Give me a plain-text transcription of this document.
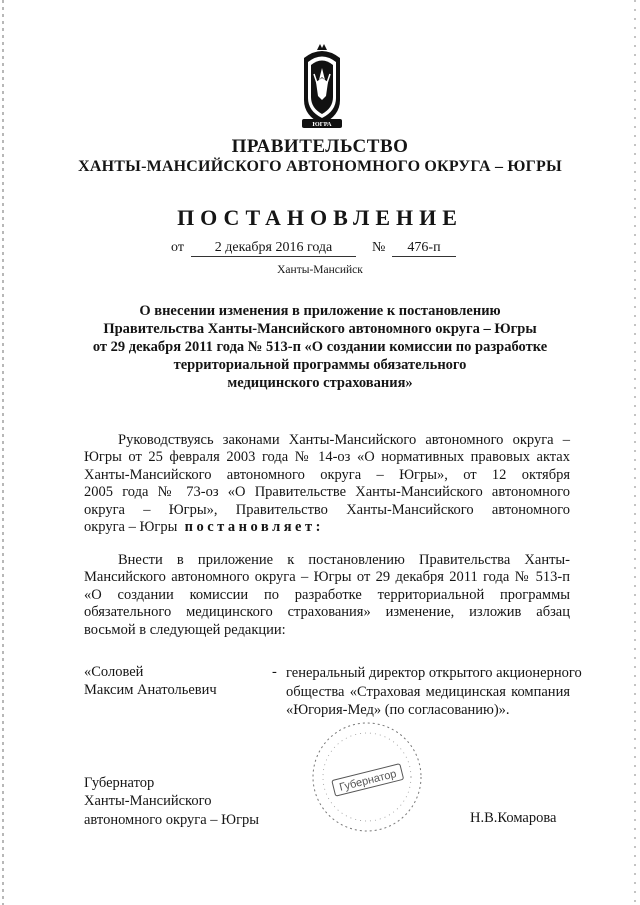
ЮГРА
ПРАВИТЕЛЬСТВО
ХАНТЫ-МАНСИЙСКОГО АВТОНОМНОГО ОКРУГА – ЮГРЫ
ПОСТАНОВЛЕНИЕ
от	2 декабря 2016 года	№	476-п
Ханты-Мансийск
О внесении изменения в приложение к постановлению
Правительства Ханты-Мансийского автономного округа – Югры
от 29 декабря 2011 года № 513-п «О создании комиссии по разработке
территориальной программы обязательного
медицинского страхования»
Руководствуясь законами Ханты-Мансийского автономного округа –
Югры от 25 февраля 2003 года № 14-оз «О нормативных правовых актах
Ханты-Мансийского автономного округа – Югры», от 12 октября
2005 года № 73-оз «О Правительстве Ханты-Мансийского автономного
округа – Югры», Правительство Ханты-Мансийского автономного
округа – Югры постановляет:
Внести в приложение к постановлению Правительства Ханты-
Мансийского автономного округа – Югры от 29 декабря 2011 года № 513-п
«О создании комиссии по разработке территориальной программы
обязательного медицинского страхования» изменение, изложив абзац
восьмой в следующей редакции:
«Соловей
Максим Анатольевич
- генеральный директор открытого акционерного
общества «Страховая медицинская компания
«Югория-Мед» (по согласованию)».
Губернатор
Губернатор
Ханты-Мансийского
автономного округа – Югры	Н.В.Комарова
